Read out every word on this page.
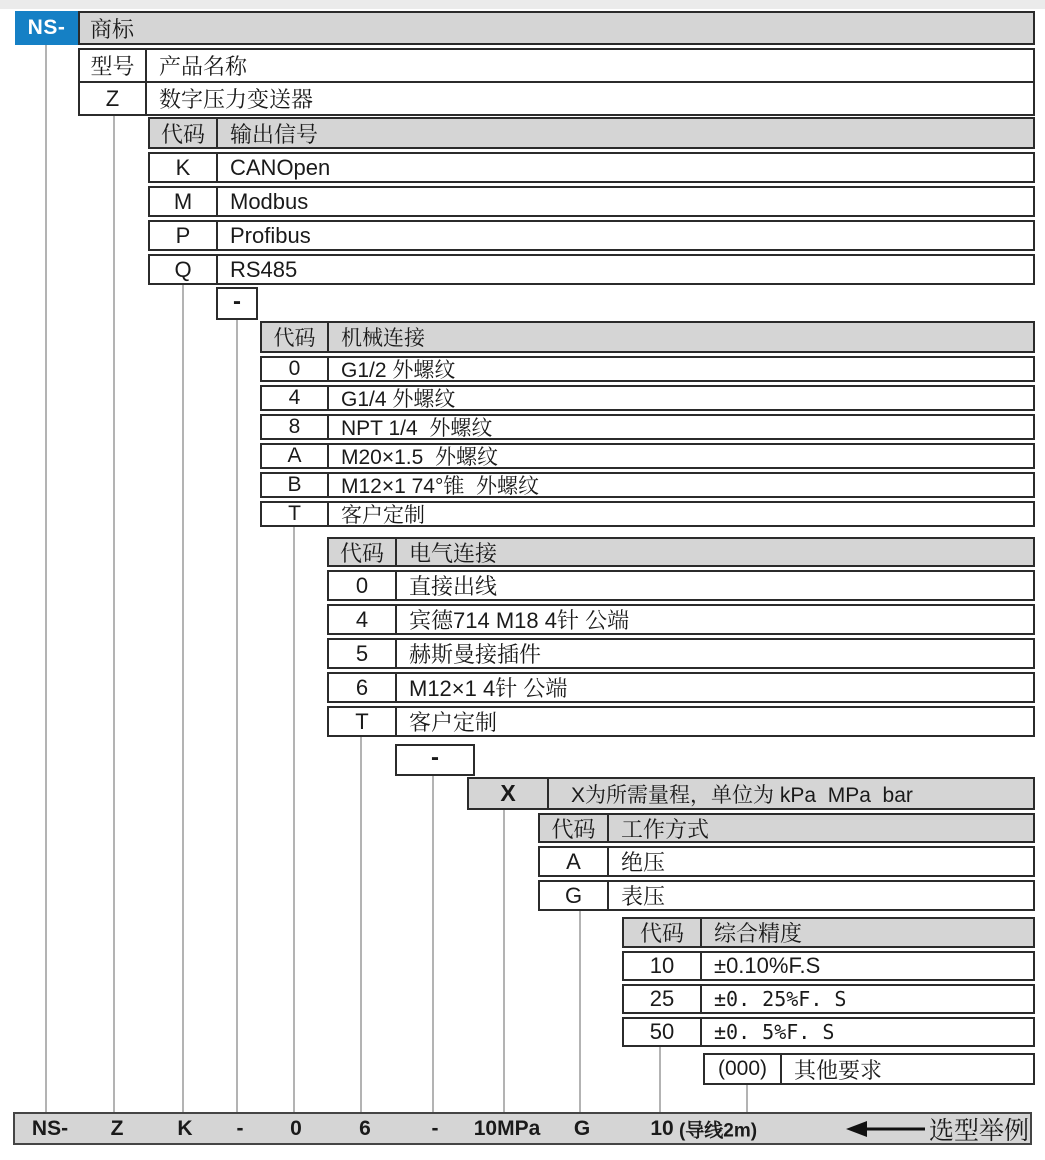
NS-	商标
型号	产品名称
Z	数字压力变送器
代码	输出信号
K	CANOpen
M	Modbus
P	Profibus
Q	RS485
-
代码	机械连接
0	G1/2 外螺纹
4	G1/4 外螺纹
8	NPT 1/4  外螺纹
A	M20×1.5  外螺纹
B	M12×1 74°锥  外螺纹
T	客户定制
代码	电气连接
0	直接出线
4	宾德714 M18 4针 公端
5	赫斯曼接插件
6	M12×1 4针 公端
T	客户定制
-
X	X为所需量程，单位为 kPa  MPa  bar
代码	工作方式
A	绝压
G	表压
代码	综合精度
10	±0.10%F.S
25	±0. 25%F. S
50	±0. 5%F. S
(000)	其他要求
NS- Z	K - 0	6	- 10MPa G	10 (导线2m)	选型举例
